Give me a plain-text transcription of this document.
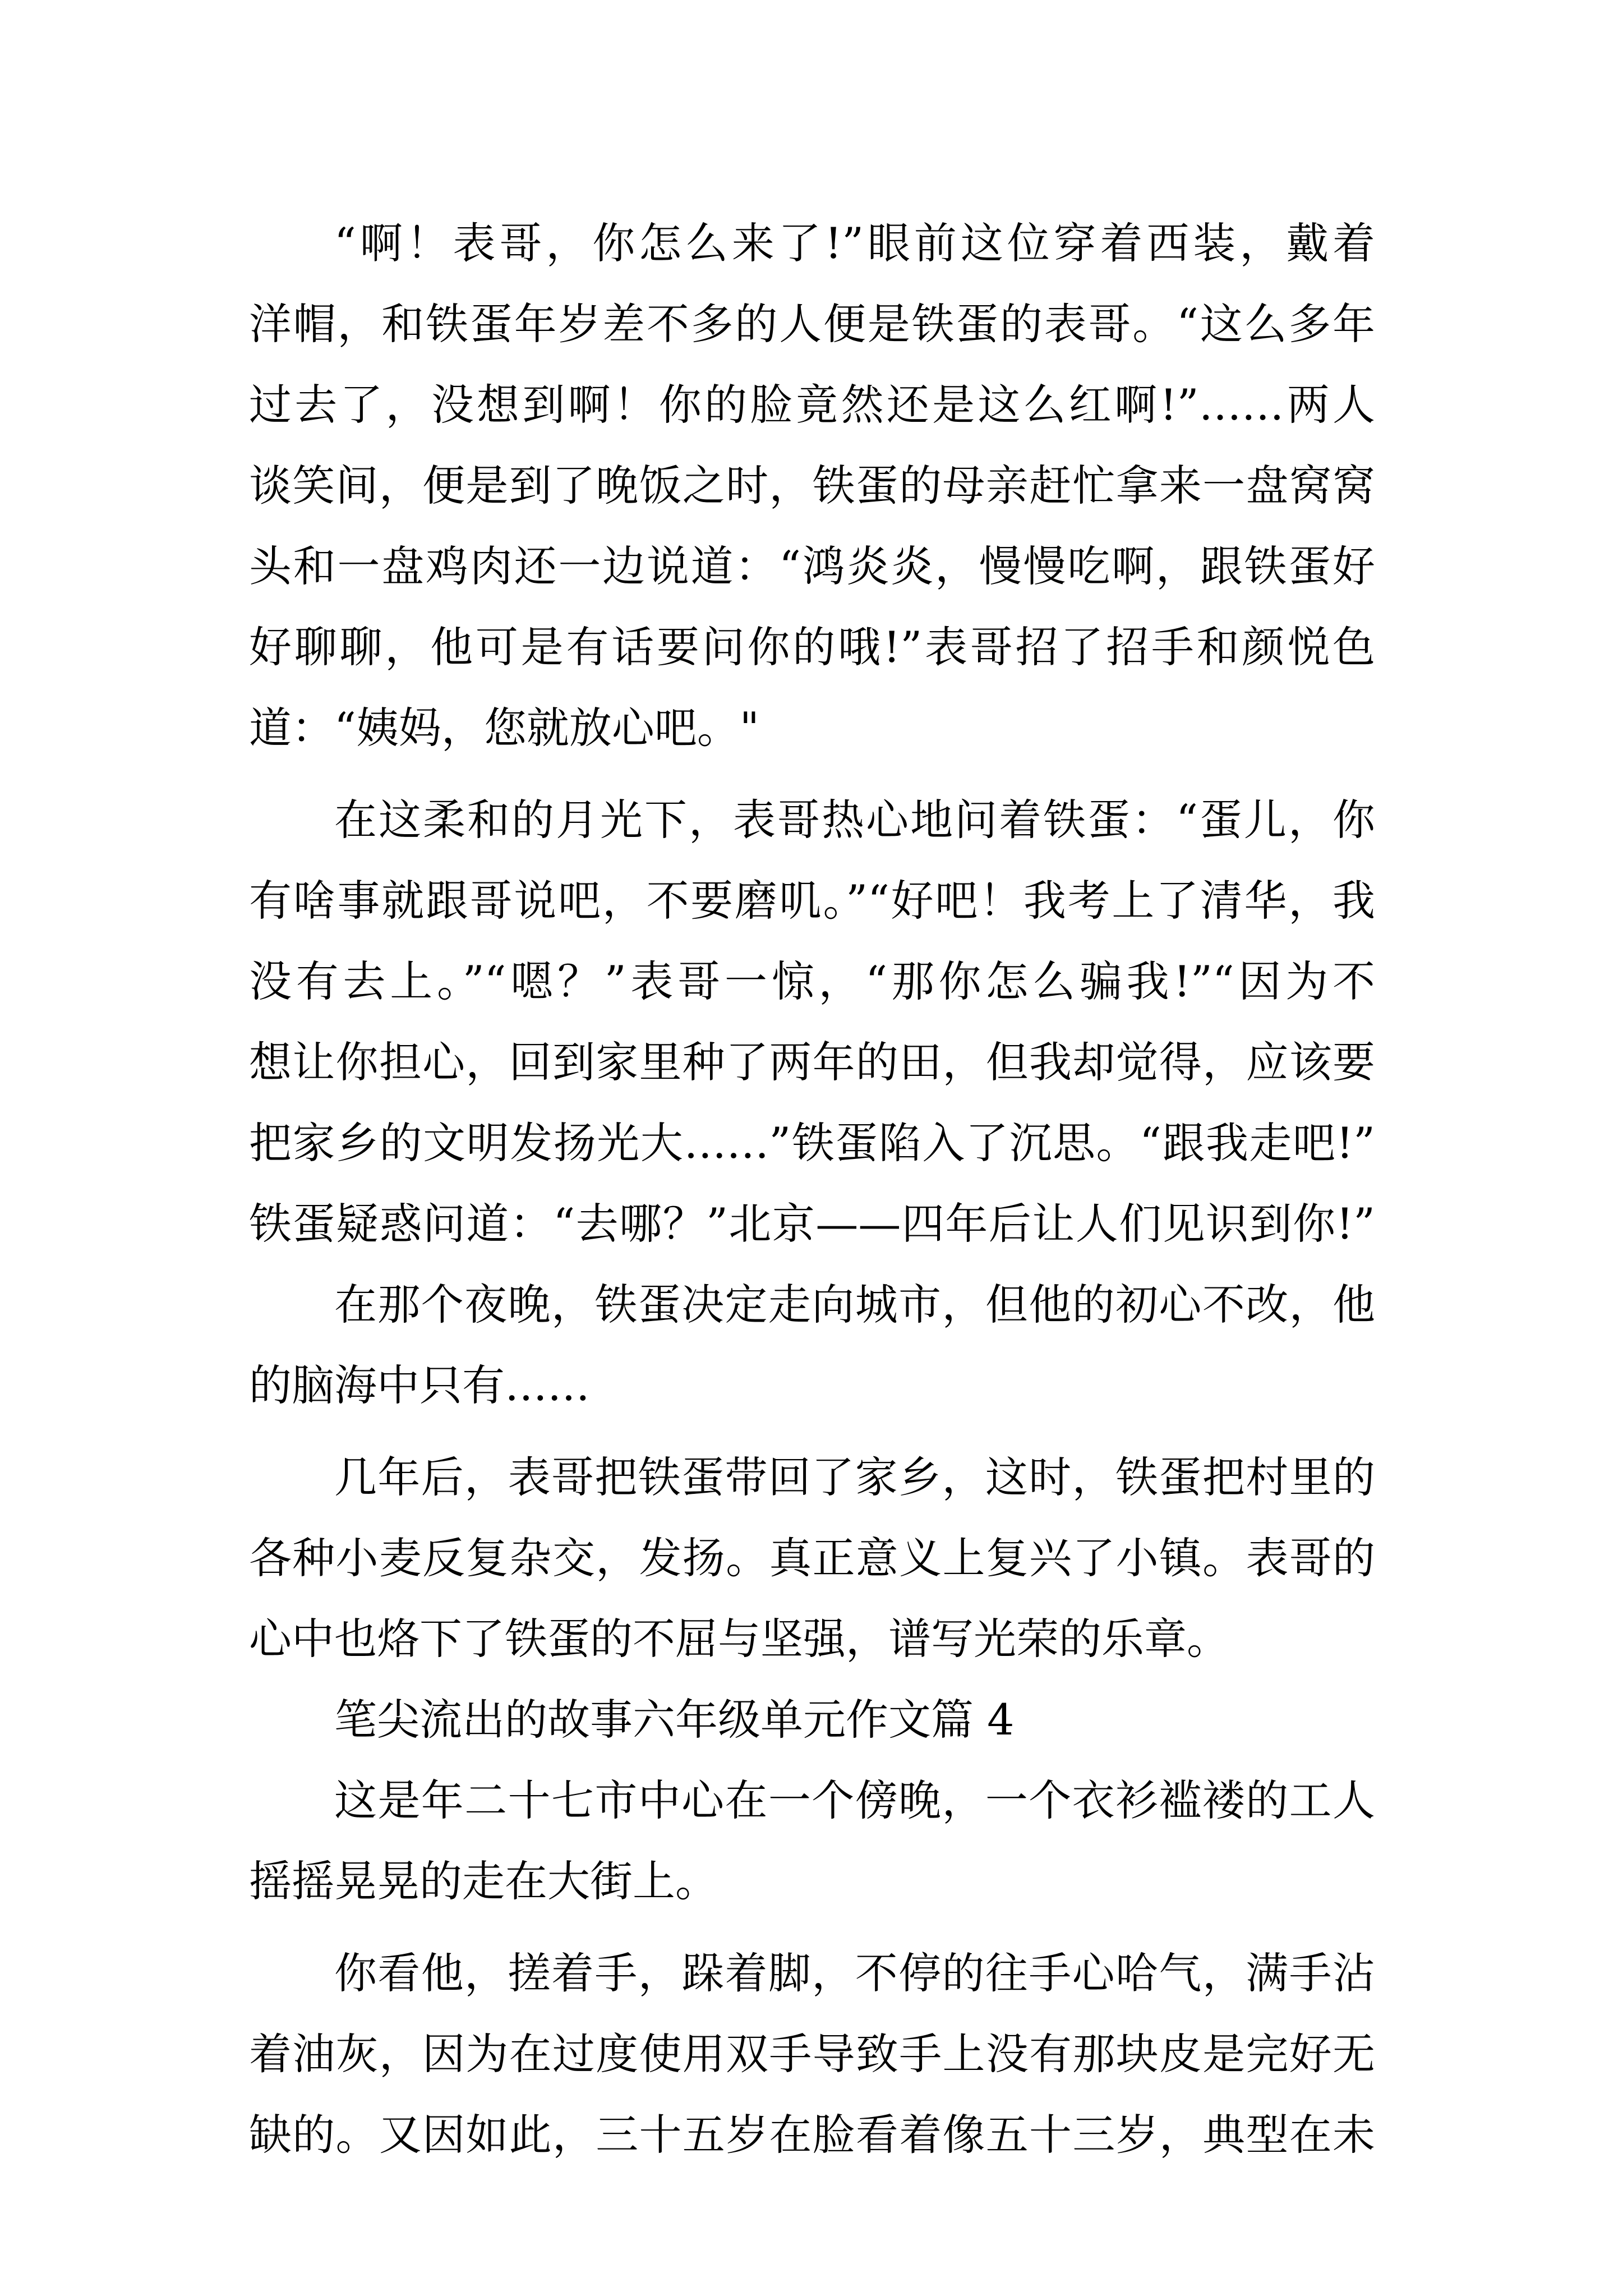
“啊！表哥，你怎么来了!”眼前这位穿着西装，戴着
洋帽，和铁蛋年岁差不多的人便是铁蛋的表哥。“这么多年
过去了，没想到啊！你的脸竟然还是这么红啊!”……两人
谈笑间，便是到了晚饭之时，铁蛋的母亲赶忙拿来一盘窝窝
头和一盘鸡肉还一边说道：“鸿炎炎，慢慢吃啊，跟铁蛋好
好聊聊，他可是有话要问你的哦!”表哥招了招手和颜悦色
道：“姨妈，您就放心吧。"
在这柔和的月光下，表哥热心地问着铁蛋：“蛋儿，你
有啥事就跟哥说吧，不要磨叽。”“好吧！我考上了清华，我
没有去上。”“嗯？”表哥一惊，“那你怎么骗我!”“因为不
想让你担心，回到家里种了两年的田，但我却觉得，应该要
把家乡的文明发扬光大……”铁蛋陷入了沉思。“跟我走吧!”
铁蛋疑惑问道：“去哪？”北京——四年后让人们见识到你!”
在那个夜晚，铁蛋决定走向城市，但他的初心不改，他
的脑海中只有……
几年后，表哥把铁蛋带回了家乡，这时，铁蛋把村里的
各种小麦反复杂交，发扬。真正意义上复兴了小镇。表哥的
心中也烙下了铁蛋的不屈与坚强，谱写光荣的乐章。
笔尖流出的故事六年级单元作文篇 4
这是年二十七市中心在一个傍晚，一个衣衫褴褛的工人
摇摇晃晃的走在大街上。
你看他，搓着手，跺着脚，不停的往手心哈气，满手沾
着油灰，因为在过度使用双手导致手上没有那块皮是完好无
缺的。又因如此，三十五岁在脸看着像五十三岁，典型在未
